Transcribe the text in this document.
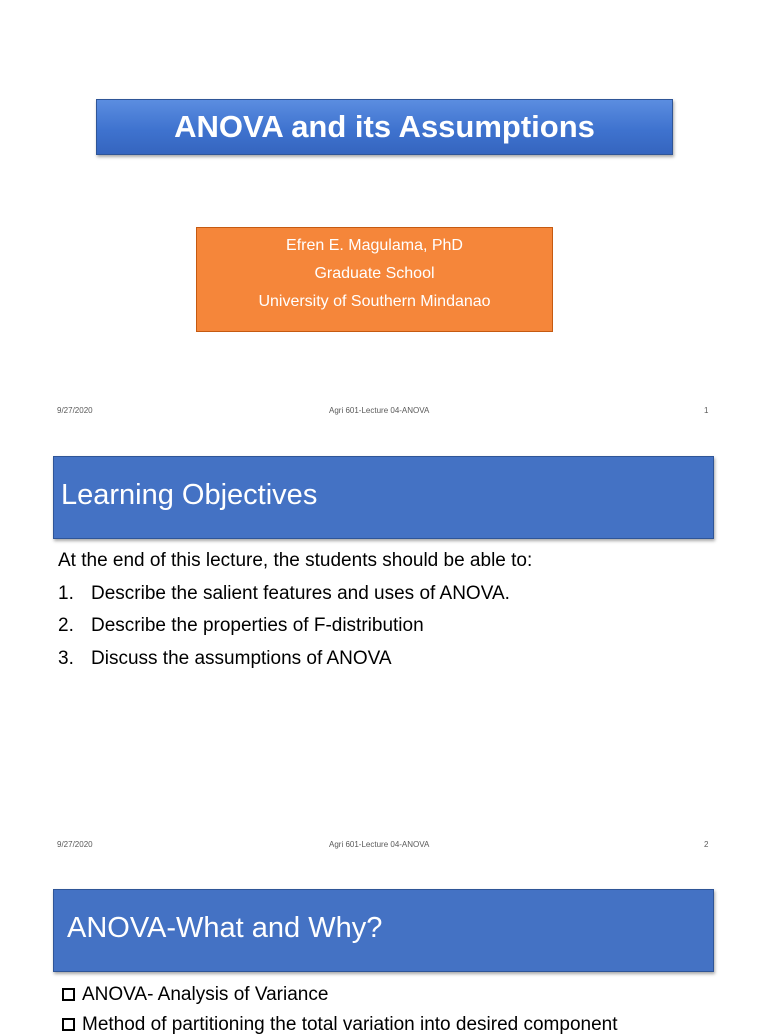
ANOVA and its Assumptions
Efren E. Magulama, PhD
Graduate School
University of Southern Mindanao
9/27/2020	Agri 601-Lecture 04-ANOVA	1
Learning Objectives
At the end of this lecture, the students should be able to:
1. Describe the salient features and uses of ANOVA.
2. Describe the properties of F-distribution
3. Discuss the assumptions of ANOVA
9/27/2020	Agri 601-Lecture 04-ANOVA	2
ANOVA-What and Why?
ANOVA- Analysis of Variance
Method of partitioning the total variation into desired component
